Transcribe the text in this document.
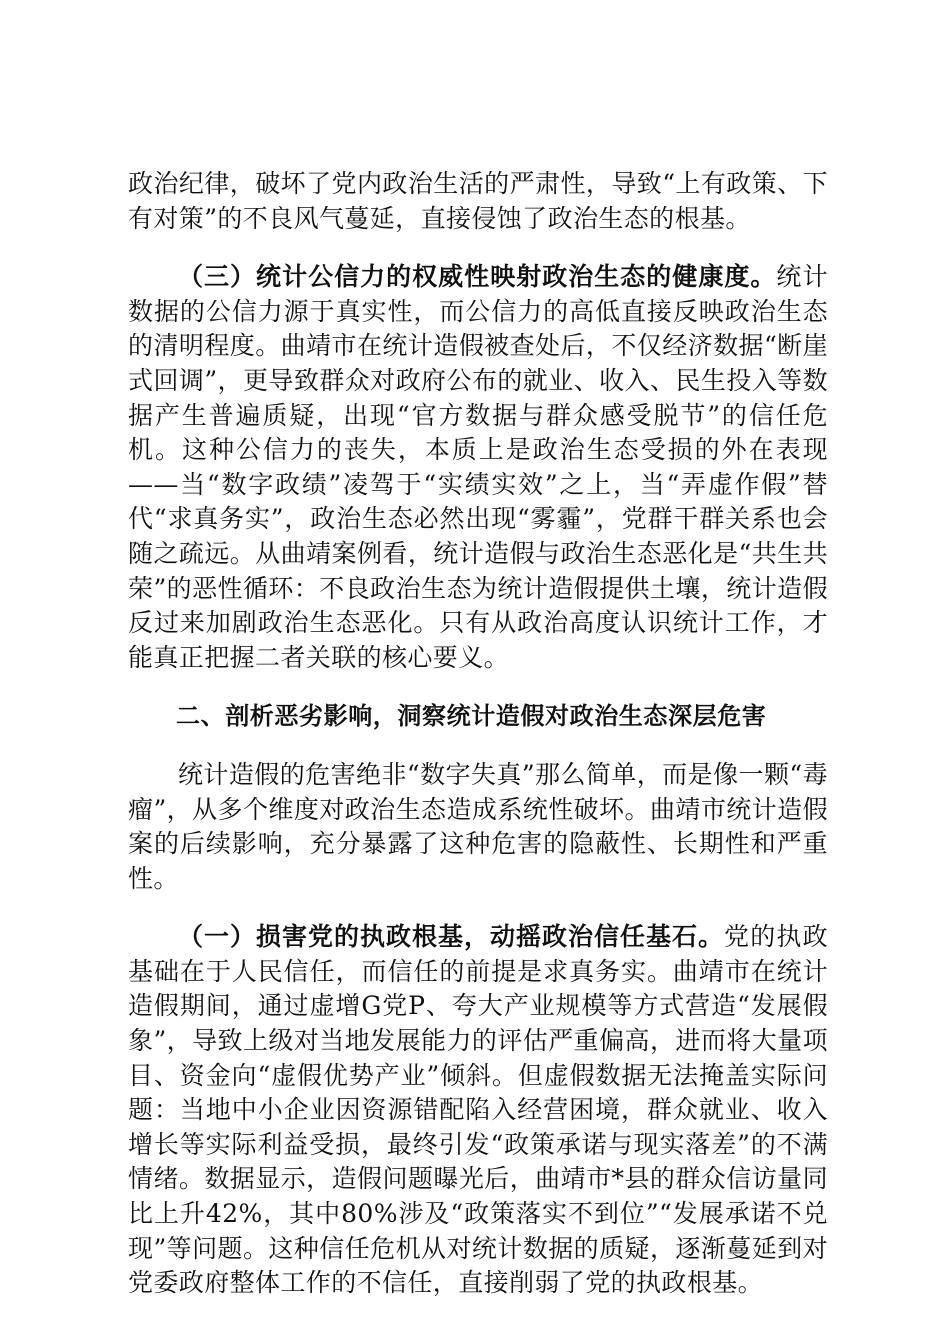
政治纪律，破坏了党内政治生活的严肃性，导致“上有政策、下有对策”的不良风气蔓延，直接侵蚀了政治生态的根基。

（三）统计公信力的权威性映射政治生态的健康度。统计数据的公信力源于真实性，而公信力的高低直接反映政治生态的清明程度。曲靖市在统计造假被查处后，不仅经济数据“断崖式回调”，更导致群众对政府公布的就业、收入、民生投入等数据产生普遍质疑，出现“官方数据与群众感受脱节”的信任危机。这种公信力的丧失，本质上是政治生态受损的外在表现——当“数字政绩”凌驾于“实绩实效”之上，当“弄虚作假”替代“求真务实”，政治生态必然出现“雾霾”，党群干群关系也会随之疏远。从曲靖案例看，统计造假与政治生态恶化是“共生共荣”的恶性循环：不良政治生态为统计造假提供土壤，统计造假反过来加剧政治生态恶化。只有从政治高度认识统计工作，才能真正把握二者关联的核心要义。

二、剖析恶劣影响，洞察统计造假对政治生态深层危害

统计造假的危害绝非“数字失真”那么简单，而是像一颗“毒瘤”，从多个维度对政治生态造成系统性破坏。曲靖市统计造假案的后续影响，充分暴露了这种危害的隐蔽性、长期性和严重性。

（一）损害党的执政根基，动摇政治信任基石。党的执政基础在于人民信任，而信任的前提是求真务实。曲靖市在统计造假期间，通过虚增G党P、夸大产业规模等方式营造“发展假象”，导致上级对当地发展能力的评估严重偏高，进而将大量项目、资金向“虚假优势产业”倾斜。但虚假数据无法掩盖实际问题：当地中小企业因资源错配陷入经营困境，群众就业、收入增长等实际利益受损，最终引发“政策承诺与现实落差”的不满情绪。数据显示，造假问题曝光后，曲靖市*县的群众信访量同比上升42%，其中80%涉及“政策落实不到位”“发展承诺不兑现”等问题。这种信任危机从对统计数据的质疑，逐渐蔓延到对党委政府整体工作的不信任，直接削弱了党的执政根基。
